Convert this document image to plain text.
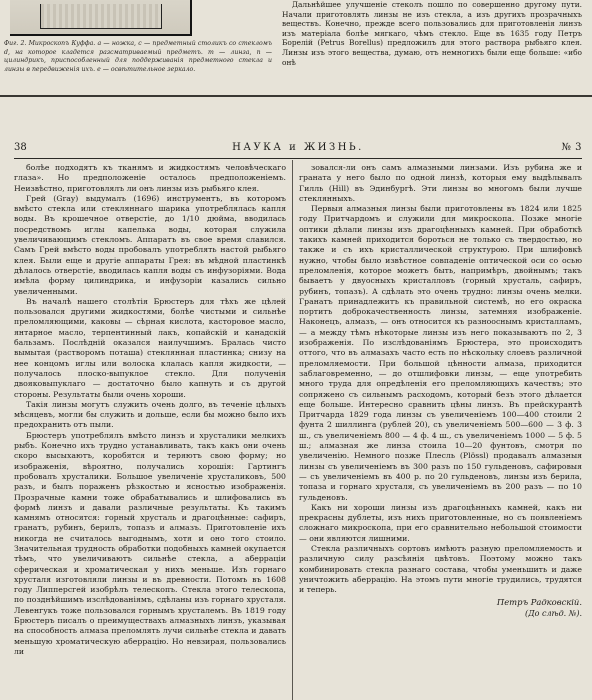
Фиг. 2. Микроскопъ Куффа. а — ножка, с — предметный столикъ со стекломъ d, на которое кладется разсматриваемый предметъ. m — линза, n — цилиндрикъ, приспособленный для поддерживанія предметного стекла и линзы в передвиженія ихъ. e — освѣтительное зеркало.

Дальнѣйшее улучшеніе стеколъ пошло по совершенно другому пути. Начали приготовлять линзы не изъ стекла, а изъ другихъ прозрачныхъ веществъ. Конечно, прежде всего пользовались для приготовленія линзъ изъ матеріала болѣе мягкаго, чѣмъ стекло. Еще въ 1635 году Петръ Борелій (Petrus Borellus) предложилъ для этого раствора рыбьяго клея. Линзы изъ этого вещества, думаю, отъ немногихъ были еще больше: «ибо онѣ

38	НАУКА и ЖИЗНЬ.	№ 3

болѣе подходятъ къ тканямъ и жидкостямъ человѣческаго глаза». Но предположеніе осталось предположеніемъ. Неизвѣстно, приготовлялъ ли онъ линзы изъ рыбьяго клея.

Грей (Gray) выдумалъ (1696) инструментъ, въ которомъ вмѣсто стекла или стекляннаго шарика употреблялась капля воды. Въ крошечное отверстіе, до 1/10 дюйма, вводилась посредствомъ иглы капелька воды, которая служила увеличивающимъ стекломъ. Аппаратъ въ свое время славился. Самъ Грей вмѣсто воды пробовалъ употреблять настой рыбьяго клея. Были еще и другіе аппараты Грея: въ мѣдной пластинкѣ дѣлалось отверстіе, вводилась капля воды съ инфузоріями. Вода имѣла форму цилиндрика, и инфузоріи казались сильно увеличенными.

Въ началѣ нашего столѣтія Брюстеръ для тѣхъ же цѣлей пользовался другими жидкостями, болѣе чистыми и сильнѣе преломляющими, каковы — сѣрная кислота, касторовое масло, янтарное масло, терпентинный лакъ, копайскій и канадскій бальзамъ. Послѣдній оказался наилучшимъ. Бралась чисто вымытая (растворомъ поташа) стеклянная пластинка; снизу на нее концомъ иглы или волоска клалась капля жидкости, — получалось плоско-выпуклое стекло. Для полученія двояковыпуклаго — достаточно было капнуть и съ другой стороны. Результаты были очень хороши.

Такія линзы могутъ служить очень долго, въ теченіе цѣлыхъ мѣсяцевъ, могли бы служить и дольше, если бы можно было ихъ предохранить отъ пыли.

Брюстеръ употреблялъ вмѣсто линзъ и хрусталики мелкихъ рыбъ. Конечно ихъ трудно устанавливать, такъ какъ они очень скоро высыхаютъ, коробятся и теряютъ свою форму; но изображенія, вѣроятно, получались хорошія: Гартингъ пробовалъ хрусталики. Большое увеличеніе хрусталиковъ, 500 разъ, и былъ пораженъ рѣзкостью и ясностью изображенія. Прозрачные камни тоже обрабатывались и шлифовались въ формѣ линзъ и давали различные результаты. Къ такимъ камнямъ относятся: горный хрусталь и драгоцѣнные: сафиръ, гранатъ, рубинъ, берилъ, топазъ и алмазъ. Приготовленіе ихъ никогда не считалось выгоднымъ, хотя и оно того стоило. Значительная трудность обработки подобныхъ камней окупается тѣмъ, что увеличиваютъ сильнѣе стекла, а аберраціи сферическая и хроматическая у нихъ меньше. Изъ горнаго хрусталя изготовляли линзы и въ древности. Потомъ въ 1608 году Липперсгей изобрѣлъ телескопъ. Стекла этого телескопа, по позднѣйшимъ изслѣдованіямъ, сдѣланы изъ горнаго хрусталя. Левенгукъ тоже пользовался горнымъ хрусталемъ. Въ 1819 году Брюстеръ писалъ о преимуществахъ алмазныхъ линзъ, указывая на способность алмаза преломлять лучи сильнѣе стекла и давать меньшую хроматическую аберрацію. Но невзирая, пользовались ли

зовался-ли онъ самъ алмазными линзами. Изъ рубина же и граната у него было по одной линзѣ, которыя ему выдѣлывалъ Гилль (Hill) въ Эдинбургѣ. Эти линзы во многомъ были лучше стеклянныхъ.

Первыя алмазныя линзы были приготовлены въ 1824 или 1825 году Притчардомъ и служили для микроскопа. Позже многіе оптики дѣлали линзы изъ драгоцѣнныхъ камней. При обработкѣ такихъ камней приходится бороться не только съ твердостью, но также и съ ихъ кристаллической структурою. При шлифовкѣ нужно, чтобы было извѣстное совпаденіе оптической оси со осью преломленія, которое можетъ быть, напримѣръ, двойнымъ; такъ бываетъ у двуосныхъ кристалловъ (горный хрусталь, сафиръ, рубинъ, топазъ). А сдѣлать это очень трудно: линзы очень мелки. Гранатъ принадлежитъ къ правильной системѣ, но его окраска портитъ доброкачественность линзы, затемняя изображеніе. Наконецъ, алмазъ, — онъ относится къ разнооснымъ кристалламъ, — а между тѣмъ нѣкоторые линзы изъ него показываютъ по 2, 3 изображенія. По изслѣдованіямъ Брюстера, это происходитъ оттого, что въ алмазахъ часто есть по нѣскольку слоевъ различной преломляемости. При большой цѣнности алмаза, приходится заблаговременно, — до отшлифовки линзы, — еще употребить много труда для опредѣленія его преломляющихъ качествъ; это сопряжено съ сильнымъ расходомъ, который безъ этого дѣлается еще больше. Интересно сравнить цѣны линзъ. Въ прейскурантѣ Притчарда 1829 года линзы съ увеличеніемъ 100—400 стоили 2 фунта 2 шиллинга (рублей 20), съ увеличеніемъ 500—600 — 3 ф. 3 ш., съ увеличеніемъ 800 — 4 ф. 4 ш., съ увеличеніемъ 1000 — 5 ф. 5 ш.; алмазная же линза стоила 10—20 фунтовъ, смотря по увеличенію. Немного позже Плесль (Plössl) продавалъ алмазныя линзы съ увеличеніемъ въ 300 разъ по 150 гульденовъ, сафировыя — съ увеличеніемъ въ 400 р. по 20 гульденовъ, линзы изъ берила, топаза и горнаго хрусталя, съ увеличеніемъ въ 200 разъ — по 10 гульденовъ.

Какъ ни хороши линзы изъ драгоцѣнныхъ камней, какъ ни прекрасны дублеты, изъ нихъ приготовленные, но съ появленіемъ сложнаго микроскопа, при его сравнительно небольшой стоимости — они являются лишними.

Стекла различныхъ сортовъ имѣютъ разную преломляемость и различную силу разсѣянія цвѣтовъ. Поэтому можно такъ комбинировать стекла разнаго состава, чтобы уменьшить и даже уничтожить аберрацію. На этомъ пути многіе трудились, трудятся и теперь.

Петръ Радковскій.

(До слѣд. №).
